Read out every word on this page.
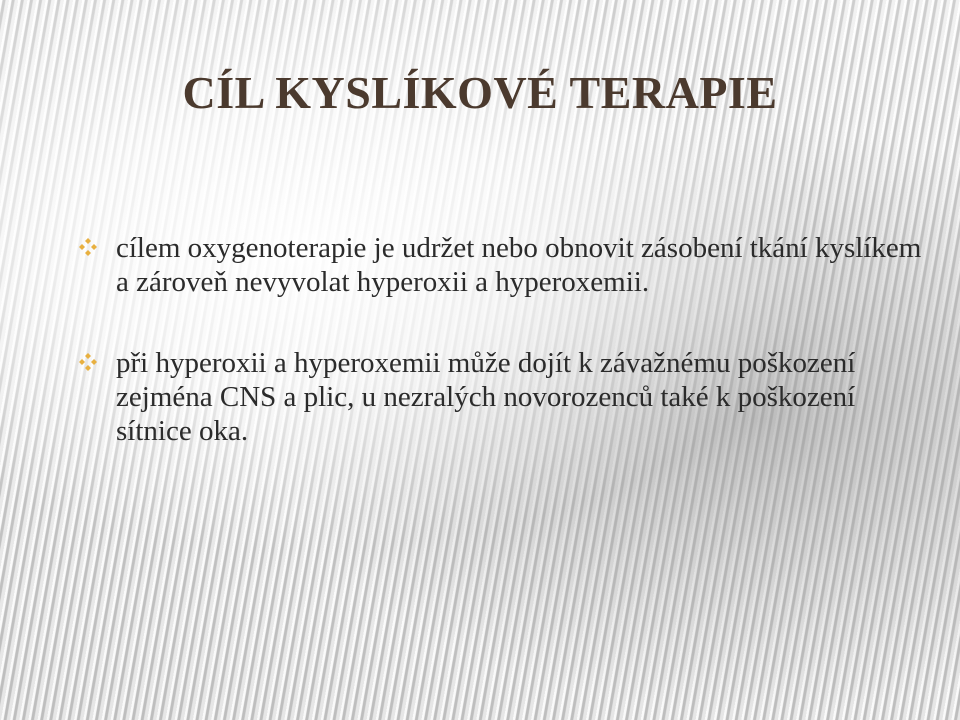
CÍL KYSLÍKOVÉ TERAPIE
cílem oxygenoterapie je udržet nebo obnovit zásobení tkání kyslíkem a zároveň nevyvolat hyperoxii a hyperoxemii.
při hyperoxii a hyperoxemii může dojít k závažnému poškození zejména CNS a plic, u nezralých novorozenců také k poškození sítnice oka.
